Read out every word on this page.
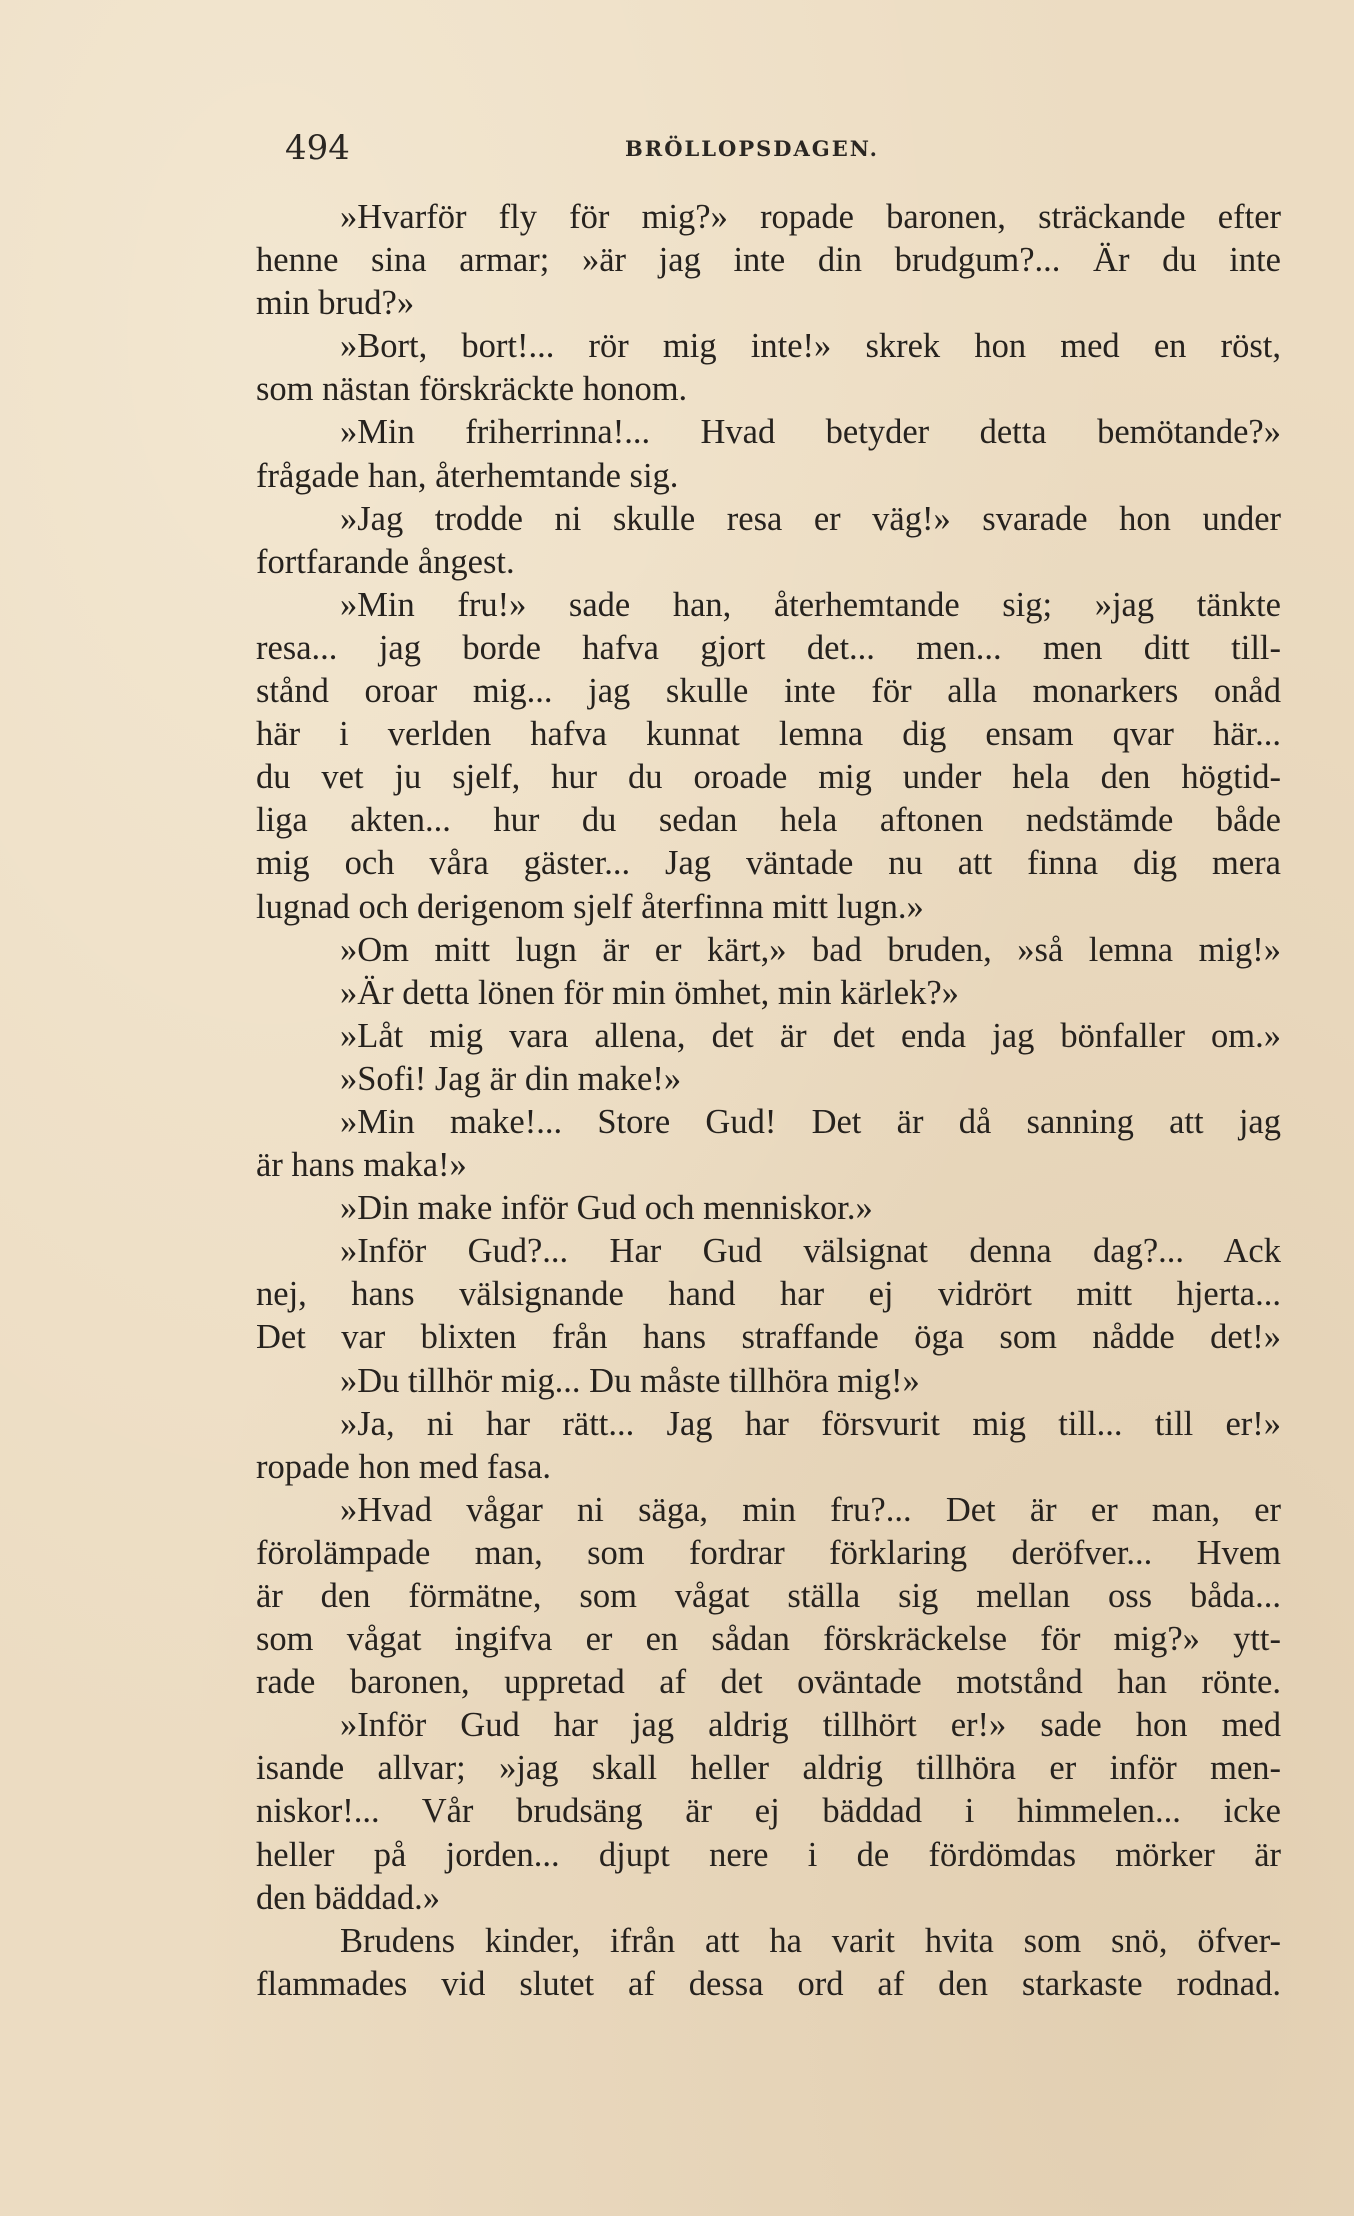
494	BRÖLLOPSDAGEN.
»Hvarför fly för mig?» ropade baronen, sträckande efter
henne sina armar; »är jag inte din brudgum?... Är du inte
min brud?»
»Bort, bort!... rör mig inte!» skrek hon med en röst,
som nästan förskräckte honom.
»Min friherrinna!... Hvad betyder detta bemötande?»
frågade han, återhemtande sig.
»Jag trodde ni skulle resa er väg!» svarade hon under
fortfarande ångest.
»Min fru!» sade han, återhemtande sig; »jag tänkte
resa... jag borde hafva gjort det... men... men ditt till-
stånd oroar mig... jag skulle inte för alla monarkers onåd
här i verlden hafva kunnat lemna dig ensam qvar här...
du vet ju sjelf, hur du oroade mig under hela den högtid-
liga akten... hur du sedan hela aftonen nedstämde både
mig och våra gäster... Jag väntade nu att finna dig mera
lugnad och derigenom sjelf återfinna mitt lugn.»
»Om mitt lugn är er kärt,» bad bruden, »så lemna mig!»
»Är detta lönen för min ömhet, min kärlek?»
»Låt mig vara allena, det är det enda jag bönfaller om.»
»Sofi! Jag är din make!»
»Min make!... Store Gud! Det är då sanning att jag
är hans maka!»
»Din make inför Gud och menniskor.»
»Inför Gud?... Har Gud välsignat denna dag?... Ack
nej, hans välsignande hand har ej vidrört mitt hjerta...
Det var blixten från hans straffande öga som nådde det!»
»Du tillhör mig... Du måste tillhöra mig!»
»Ja, ni har rätt... Jag har försvurit mig till... till er!»
ropade hon med fasa.
»Hvad vågar ni säga, min fru?... Det är er man, er
förolämpade man, som fordrar förklaring deröfver... Hvem
är den förmätne, som vågat ställa sig mellan oss båda...
som vågat ingifva er en sådan förskräckelse för mig?» ytt-
rade baronen, uppretad af det oväntade motstånd han rönte.
»Inför Gud har jag aldrig tillhört er!» sade hon med
isande allvar; »jag skall heller aldrig tillhöra er inför men-
niskor!... Vår brudsäng är ej bäddad i himmelen... icke
heller på jorden... djupt nere i de fördömdas mörker är
den bäddad.»
Brudens kinder, ifrån att ha varit hvita som snö, öfver-
flammades vid slutet af dessa ord af den starkaste rodnad.
